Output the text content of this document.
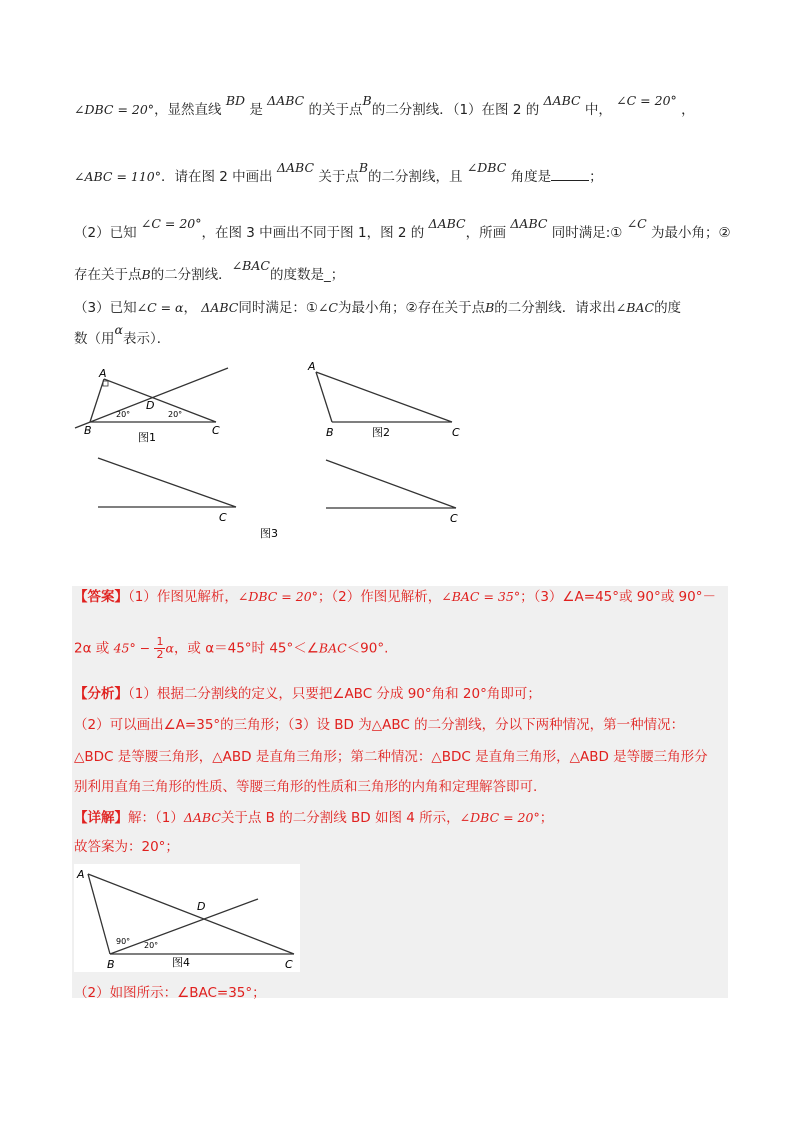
∠DBC = 20°，显然直线 BD 是 ΔABC 的关于点B的二分割线．（1）在图 2 的 ΔABC 中， ∠C = 20° ，
∠ABC = 110°．请在图 2 中画出 ΔABC 关于点B的二分割线，且 ∠DBC 角度是	；
（2）已知 ∠C = 20°，在图 3 中画出不同于图 1，图 2 的 ΔABC，所画 ΔABC 同时满足:① ∠C 为最小角；②
存在关于点B的二分割线．∠BAC的度数是_；
（3）已知∠C = α， ΔABC同时满足：①∠C为最小角；②存在关于点B的二分割线．请求出∠BAC的度
数（用α表示）．
A
B	C
D
20°	20°
图1
A
B	C
图2
C	C
图3
【答案】（1）作图见解析，∠DBC = 20°；（2）作图见解析，∠BAC = 35°；（3）∠A=45°或 90°或 90°－
2α 或 $45^\circ - \frac{1}{2}\alpha$，或 α＝45°时 45°＜∠BAC＜90°.
【分析】（1）根据二分割线的定义，只要把∠ABC 分成 90°角和 20°角即可；
（2）可以画出∠A=35°的三角形；（3）设 BD 为△ABC 的二分割线，分以下两种情况，第一种情况：
△BDC 是等腰三角形，△ABD 是直角三角形；第二种情况：△BDC 是直角三角形，△ABD 是等腰三角形分
别利用直角三角形的性质、等腰三角形的性质和三角形的内角和定理解答即可.
【详解】解：（1）ΔABC关于点 B 的二分割线 BD 如图 4 所示，∠DBC = 20°；
故答案为：20°；
A
B	C
D
90° 20°
图4
（2）如图所示：∠BAC=35°；
